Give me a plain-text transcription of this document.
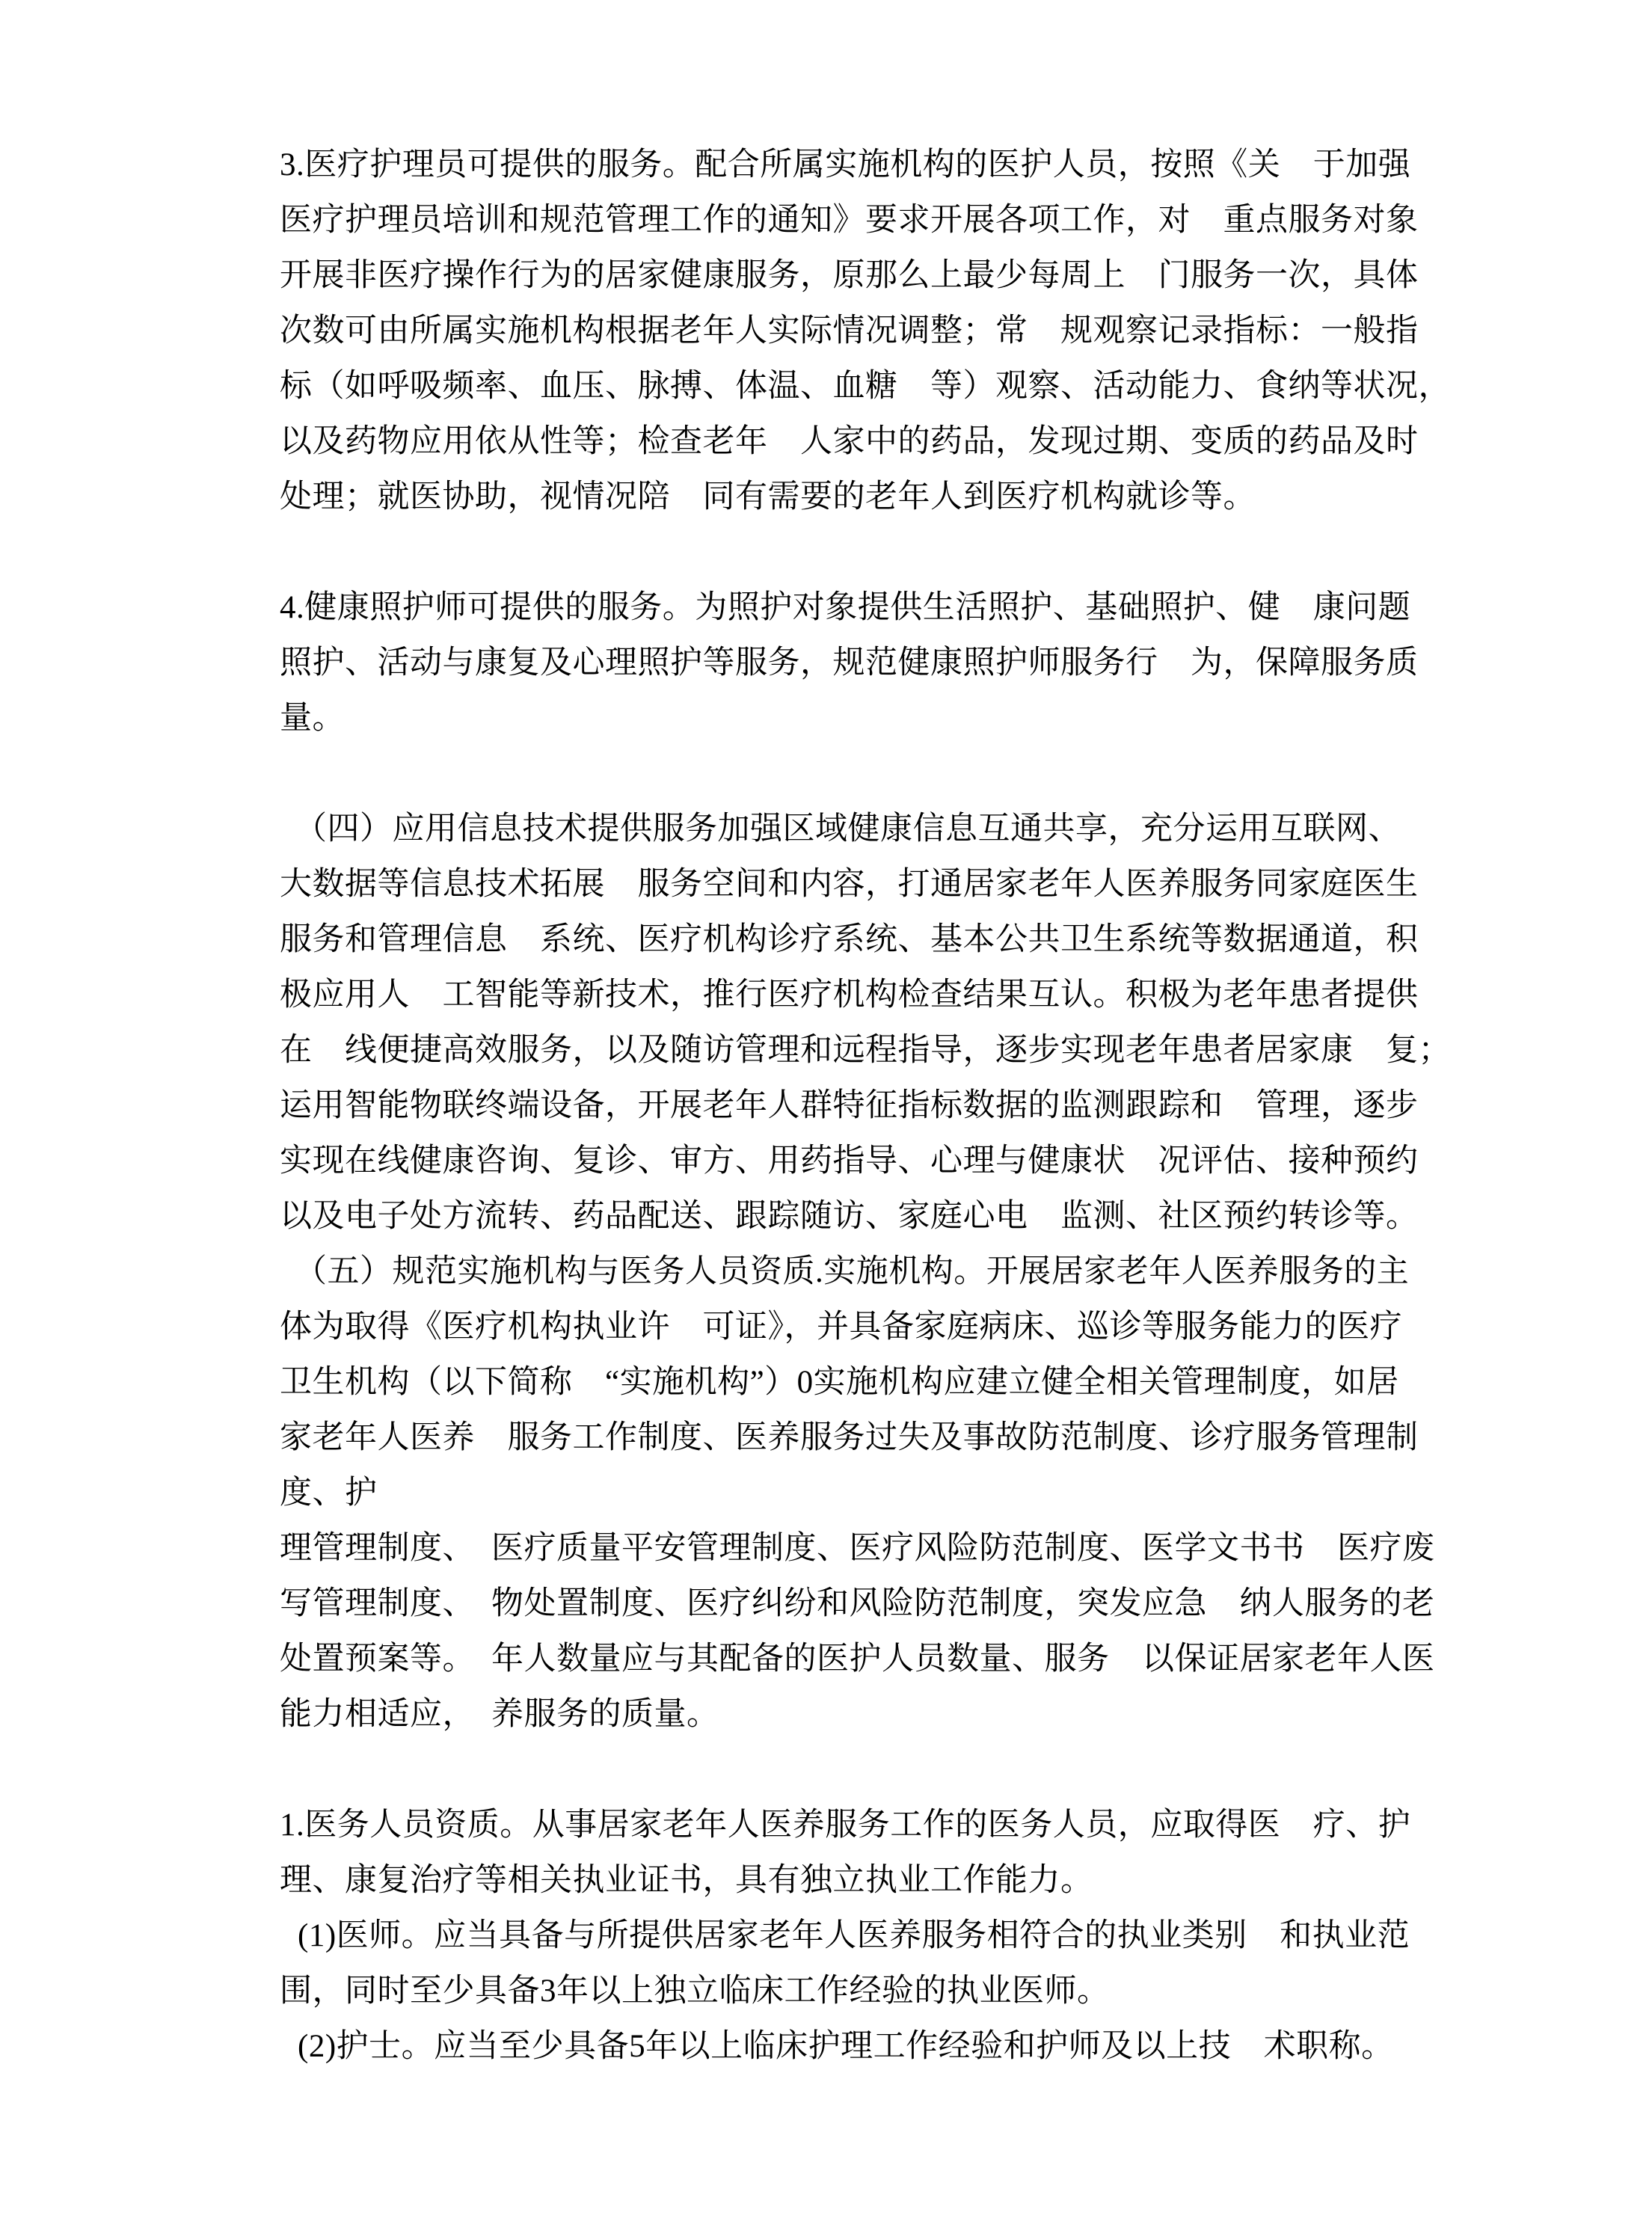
3.医疗护理员可提供的服务。配合所属实施机构的医护人员，按照《关　于加强
医疗护理员培训和规范管理工作的通知》要求开展各项工作，对　重点服务对象
开展非医疗操作行为的居家健康服务，原那么上最少每周上　门服务一次，具体
次数可由所属实施机构根据老年人实际情况调整；常　规观察记录指标：一般指
标（如呼吸频率、血压、脉搏、体温、血糖　等）观察、活动能力、食纳等状况，
以及药物应用依从性等；检查老年　人家中的药品，发现过期、变质的药品及时
处理；就医协助，视情况陪　同有需要的老年人到医疗机构就诊等。
4.健康照护师可提供的服务。为照护对象提供生活照护、基础照护、健　康问题
照护、活动与康复及心理照护等服务，规范健康照护师服务行　为，保障服务质
量。
（四）应用信息技术提供服务加强区域健康信息互通共享，充分运用互联网、
大数据等信息技术拓展　服务空间和内容，打通居家老年人医养服务同家庭医生
服务和管理信息　系统、医疗机构诊疗系统、基本公共卫生系统等数据通道，积
极应用人　工智能等新技术，推行医疗机构检查结果互认。积极为老年患者提供
在　线便捷高效服务，以及随访管理和远程指导，逐步实现老年患者居家康　复；
运用智能物联终端设备，开展老年人群特征指标数据的监测跟踪和　管理，逐步
实现在线健康咨询、复诊、审方、用药指导、心理与健康状　况评估、接种预约
以及电子处方流转、药品配送、跟踪随访、家庭心电　监测、社区预约转诊等。
（五）规范实施机构与医务人员资质.实施机构。开展居家老年人医养服务的主
体为取得《医疗机构执业许　可证》，并具备家庭病床、巡诊等服务能力的医疗
卫生机构（以下简称　“实施机构”）0实施机构应建立健全相关管理制度，如居
家老年人医养　服务工作制度、医养服务过失及事故防范制度、诊疗服务管理制
度、护
理管理制度、　医疗质量平安管理制度、医疗风险防范制度、医学文书书　医疗废
写管理制度、　物处置制度、医疗纠纷和风险防范制度，突发应急　纳人服务的老
处置预案等。　年人数量应与其配备的医护人员数量、服务　以保证居家老年人医
能力相适应，　养服务的质量。
1.医务人员资质。从事居家老年人医养服务工作的医务人员，应取得医　疗、护
理、康复治疗等相关执业证书，具有独立执业工作能力。
(1)医师。应当具备与所提供居家老年人医养服务相符合的执业类别　和执业范
围，同时至少具备3年以上独立临床工作经验的执业医师。
(2)护士。应当至少具备5年以上临床护理工作经验和护师及以上技　术职称。
